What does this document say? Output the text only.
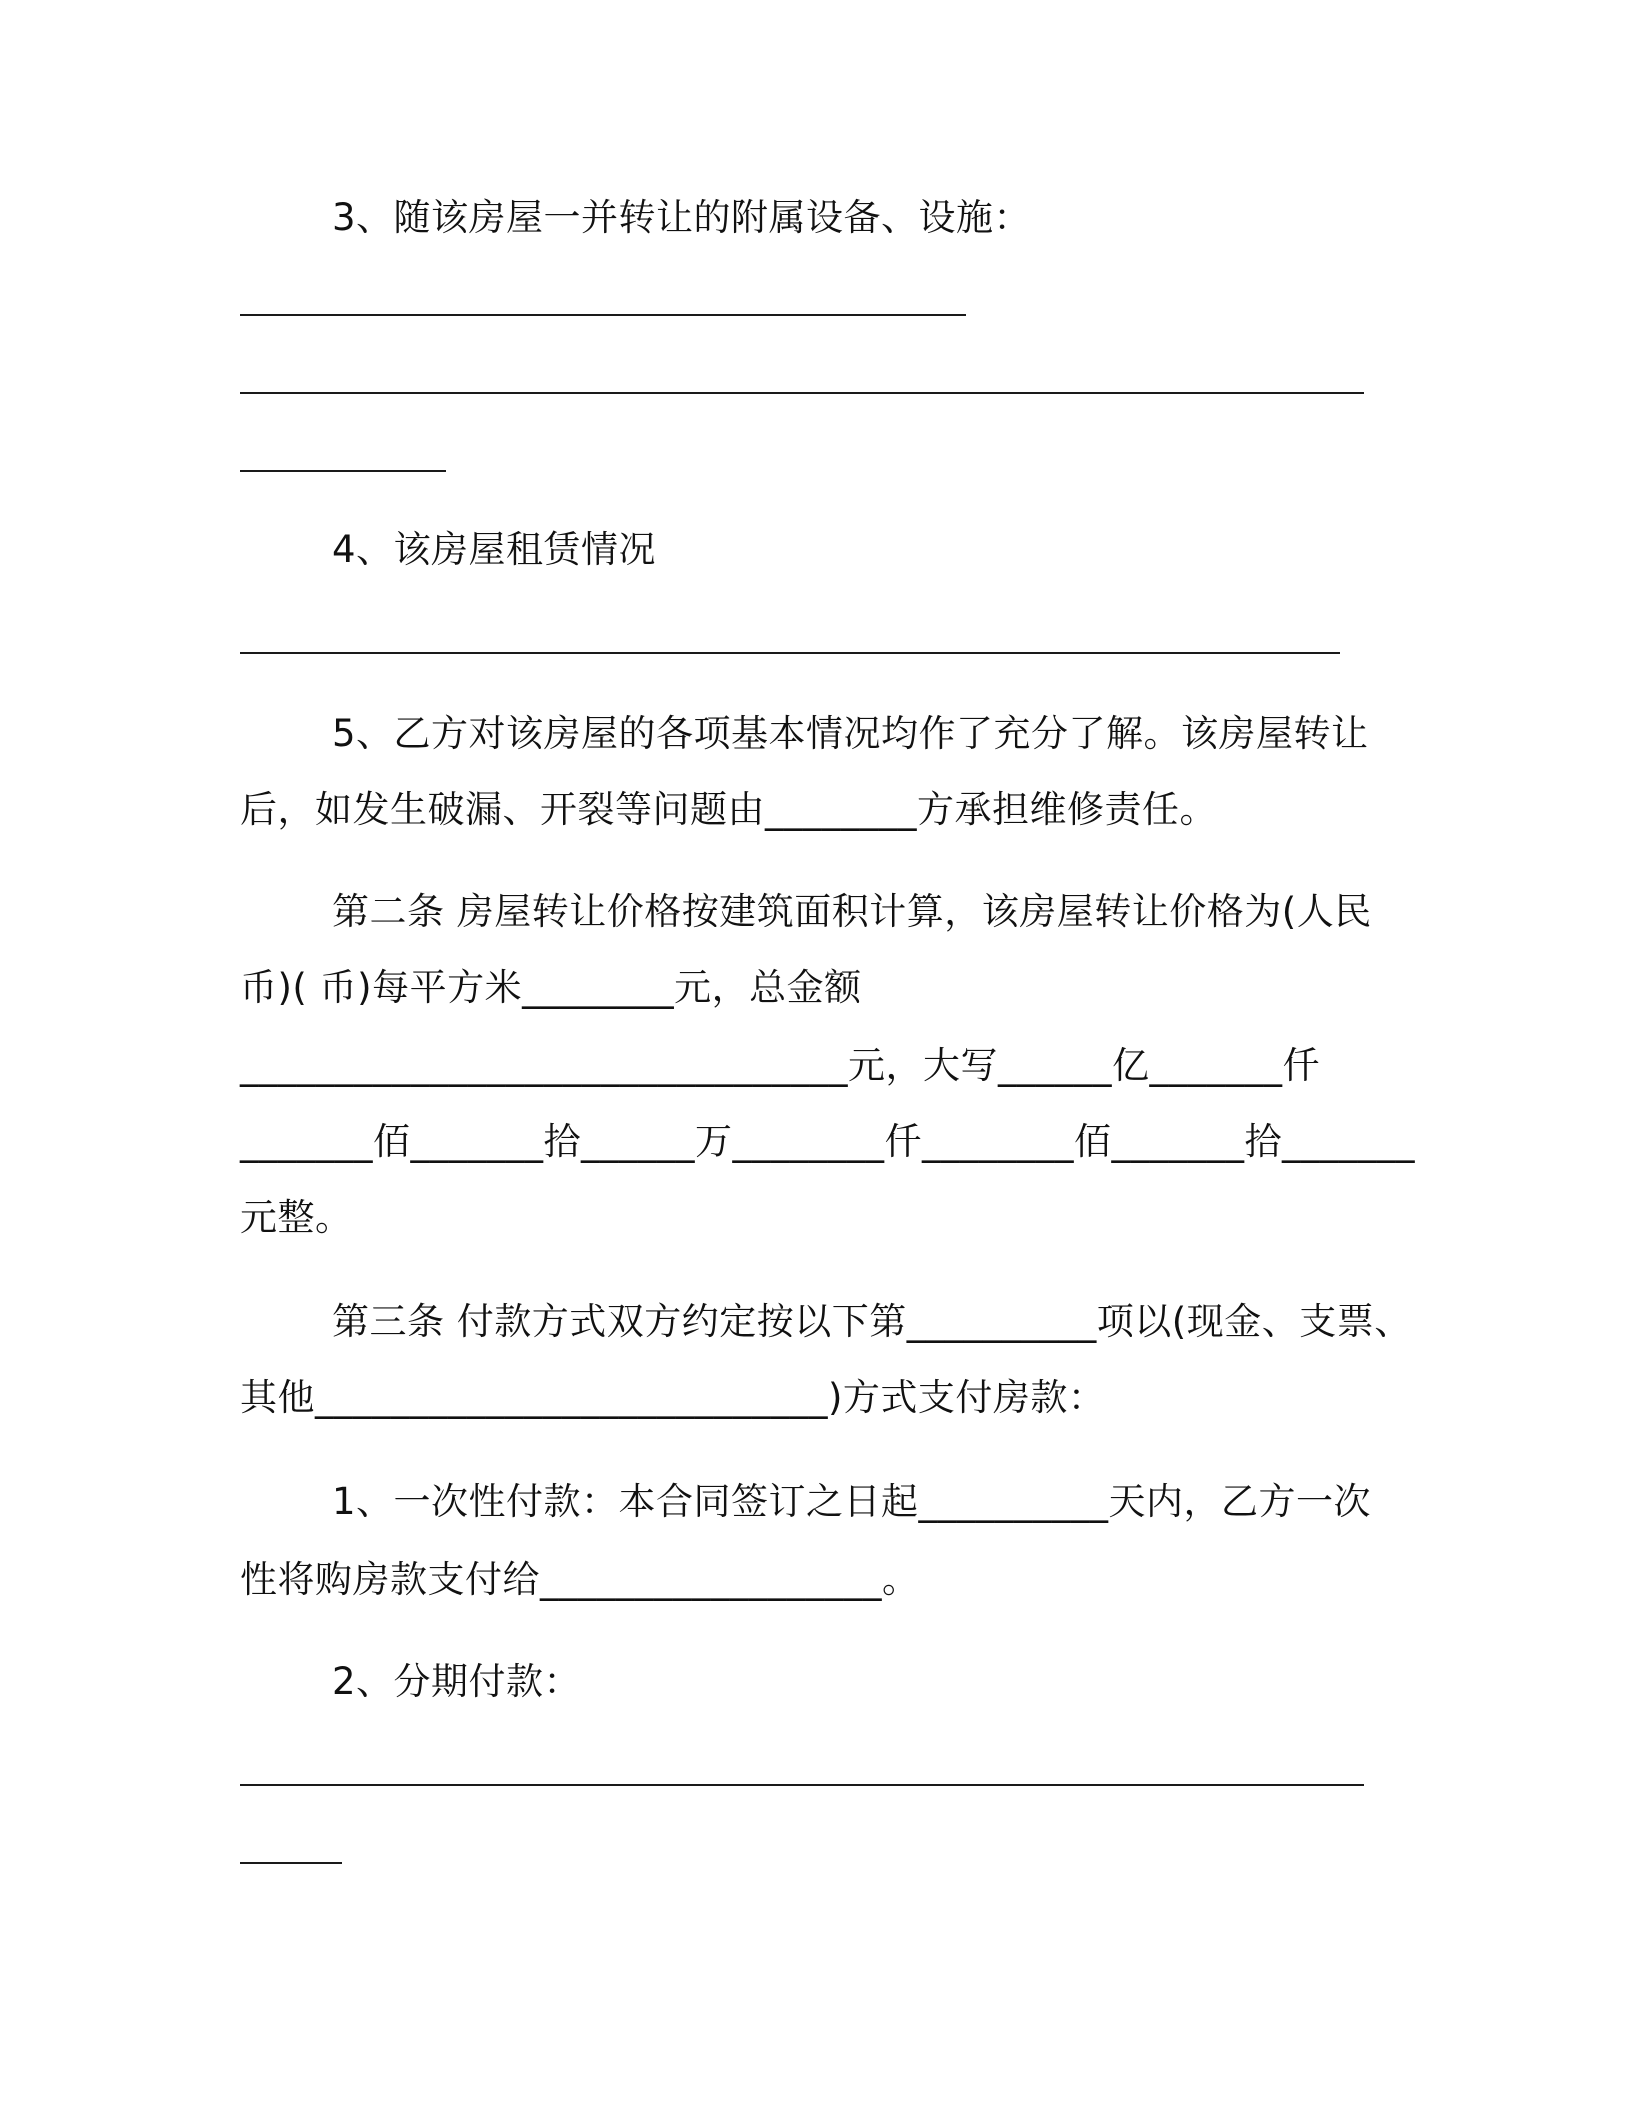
3、随该房屋一并转让的附属设备、设施：
4、该房屋租赁情况
5、乙方对该房屋的各项基本情况均作了充分了解。该房屋转让
后，如发生破漏、开裂等问题由________方承担维修责任。
第二条 房屋转让价格按建筑面积计算，该房屋转让价格为(人民
币)( 币)每平方米________元，总金额
________________________________元，大写______亿_______仟
_______佰_______拾______万________仟________佰_______拾_______
元整。
第三条 付款方式双方约定按以下第__________项以(现金、支票、
其他___________________________)方式支付房款：
1、一次性付款：本合同签订之日起__________天内，乙方一次
性将购房款支付给__________________。
2、分期付款：
